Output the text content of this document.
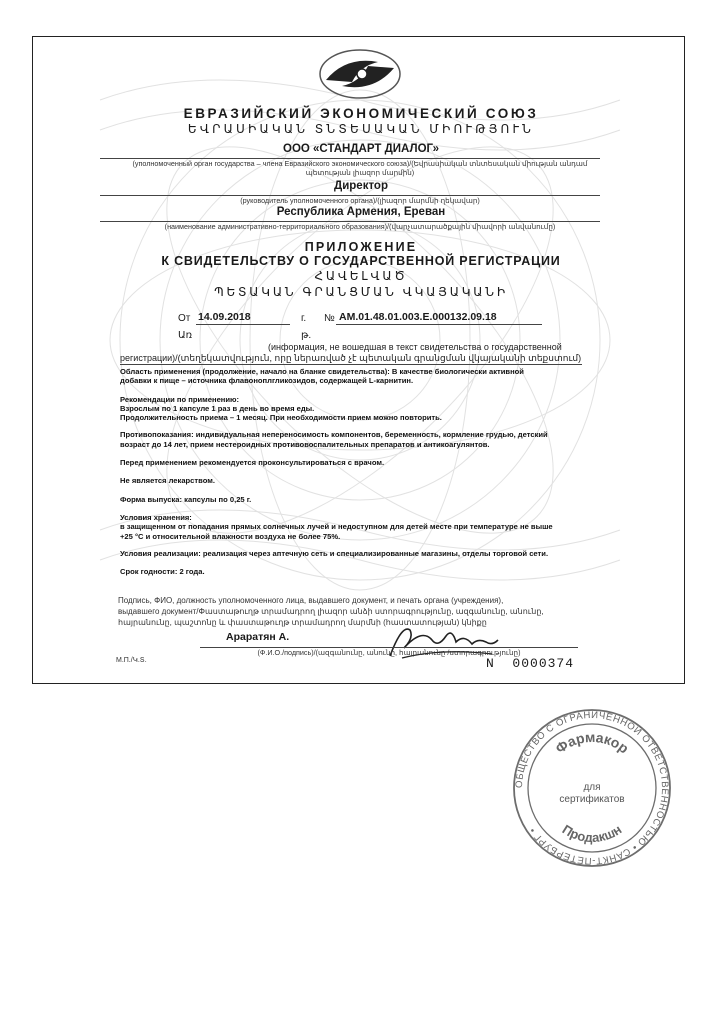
ЕВРАЗИЙСКИЙ ЭКОНОМИЧЕСКИЙ СОЮЗ
ԵՎՐԱՍԻԱԿԱՆ ՏՆՏԵՍԱԿԱՆ ՄԻՈՒԹՅՈՒՆ
ООО «СТАНДАРТ ДИАЛОГ»
(уполномоченный орган государства – члена Евразийского экономического союза)/(Եվրասիական տնտեսական միության անդամ
պետության լիազոր մարմին)
Директор
(руководитель уполномоченного органа)/(լիազոր մարմնի ղեկավար)
Республика Армения, Ереван
(наименование административно-территориального образования)/(վարչատարածքային միավորի անվանումը)
ПРИЛОЖЕНИЕ
К СВИДЕТЕЛЬСТВУ О ГОСУДАРСТВЕННОЙ РЕГИСТРАЦИИ
ՀԱՎԵԼՎԱԾ
ՊԵՏԱԿԱՆ ԳՐԱՆՑՄԱՆ ՎԿԱՅԱԿԱՆԻ
От 14.09.2018	г. № AM.01.48.01.003.E.000132.09.18
Առ	թ.
(информация, не вошедшая в текст свидетельства о государственной
регистрации)/(տեղեկատվություն, որը ներառված չէ պետական գրանցման վկայականի տեքստում)

Область применения (продолжение, начало на бланке свидетельства): В качестве биологически активной

добавки к пище – источника флавоноплгликозидов, содержащей L-карнитин.

Рекомендации по применению:

Взрослым по 1 капсуле 1 раз в день во время еды.

Продолжительность приема – 1 месяц. При необходимости прием можно повторить.

Противопоказания: индивидуальная непереносимость компонентов, беременность, кормление грудью, детский

возраст до 14 лет, прием нестероидных противовоспалительных препаратов и антикоагулянтов.

Перед применением рекомендуется проконсультироваться с врачом.

Не является лекарством.

Форма выпуска: капсулы по 0,25 г.

Условия хранения:

в защищенном от попадания прямых солнечных лучей и недоступном для детей месте при температуре не выше

+25 °С и относительной влажности воздуха не более 75%.

Условия реализации: реализация через аптечную сеть и специализированные магазины, отделы торговой сети.

Срок годности: 2 года.

Подпись, ФИО, должность уполномоченного лица, выдавшего документ, и печать органа (учреждения),
выдавшего документ/Փաստաթուղթ տրամադրող լիազոր անձի ստորագրությունը, ազգանունը, անունը,
հայրանունը, պաշտոնը և փաստաթուղթ տրամադրող մարմնի (հաստատության) կնիքը
Араратян А.
(Ф.И.О./подпись)/(ազգանունը, անունը, հայրանունը /ստորագրությունը)
М.П./Կ.Տ.	N 0000374
ОБЩЕСТВО С ОГРАНИЧЕННОЙ ОТВЕТСТВЕННОСТЬЮ • САНКТ-ПЕТЕРБУРГ •
Фармакор
для
сертификатов
Продакшн
